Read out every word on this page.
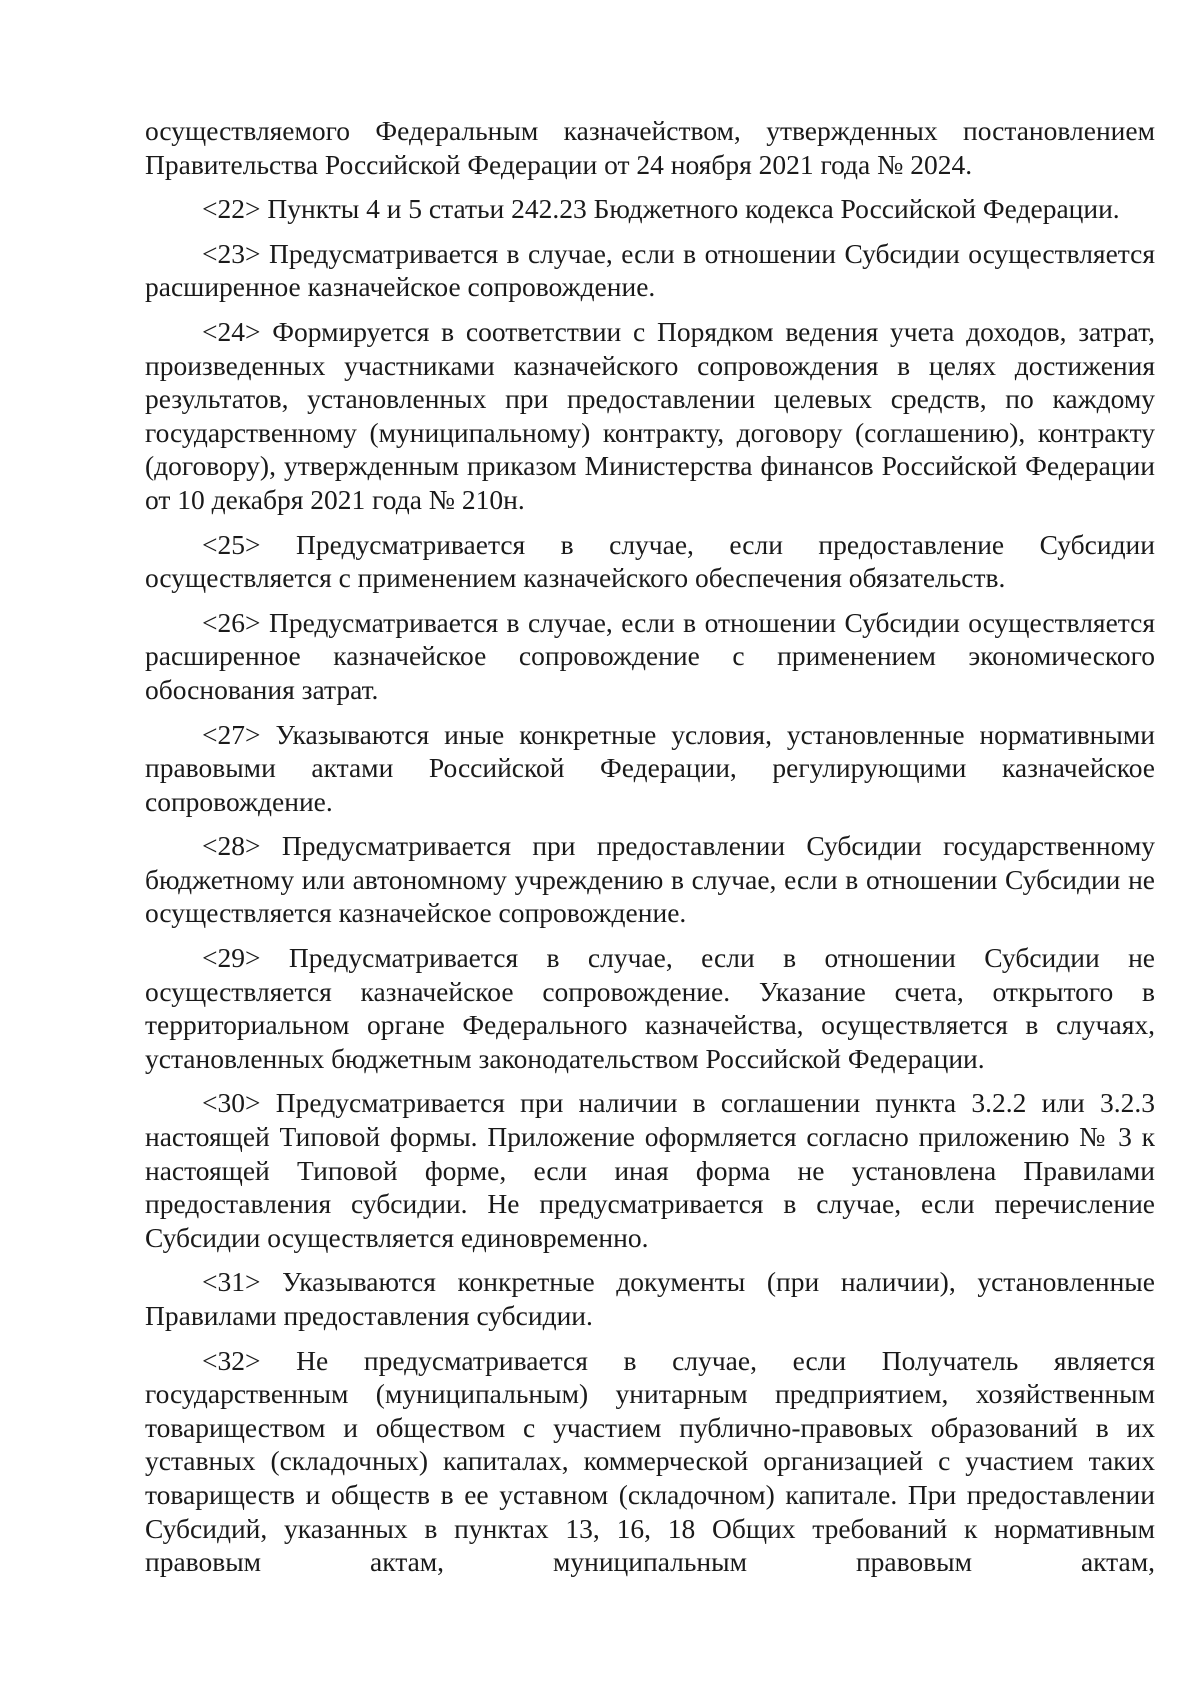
осуществляемого Федеральным казначейством, утвержденных постановлением Правительства Российской Федерации от 24 ноября 2021 года № 2024.

<22> Пункты 4 и 5 статьи 242.23 Бюджетного кодекса Российской Федерации.

<23> Предусматривается в случае, если в отношении Субсидии осуществляется расширенное казначейское сопровождение.

<24> Формируется в соответствии с Порядком ведения учета доходов, затрат, произведенных участниками казначейского сопровождения в целях достижения результатов, установленных при предоставлении целевых средств, по каждому государственному (муниципальному) контракту, договору (соглашению), контракту (договору), утвержденным приказом Министерства финансов Российской Федерации от 10 декабря 2021 года № 210н.

<25> Предусматривается в случае, если предоставление Субсидии осуществляется с применением казначейского обеспечения обязательств.

<26> Предусматривается в случае, если в отношении Субсидии осуществляется расширенное казначейское сопровождение с применением экономического обоснования затрат.

<27> Указываются иные конкретные условия, установленные нормативными правовыми актами Российской Федерации, регулирующими казначейское сопровождение.

<28> Предусматривается при предоставлении Субсидии государственному бюджетному или автономному учреждению в случае, если в отношении Субсидии не осуществляется казначейское сопровождение.

<29> Предусматривается в случае, если в отношении Субсидии не осуществляется казначейское сопровождение. Указание счета, открытого в территориальном органе Федерального казначейства, осуществляется в случаях, установленных бюджетным законодательством Российской Федерации.

<30> Предусматривается при наличии в соглашении пункта 3.2.2 или 3.2.3 настоящей Типовой формы. Приложение оформляется согласно приложению № 3 к настоящей Типовой форме, если иная форма не установлена Правилами предоставления субсидии. Не предусматривается в случае, если перечисление Субсидии осуществляется единовременно.

<31> Указываются конкретные документы (при наличии), установленные Правилами предоставления субсидии.

<32> Не предусматривается в случае, если Получатель является государственным (муниципальным) унитарным предприятием, хозяйственным товариществом и обществом с участием публично-правовых образований в их уставных (складочных) капиталах, коммерческой организацией с участием таких товариществ и обществ в ее уставном (складочном) капитале. При предоставлении Субсидий, указанных в пунктах 13, 16, 18 Общих требований к нормативным правовым актам, муниципальным правовым актам,
